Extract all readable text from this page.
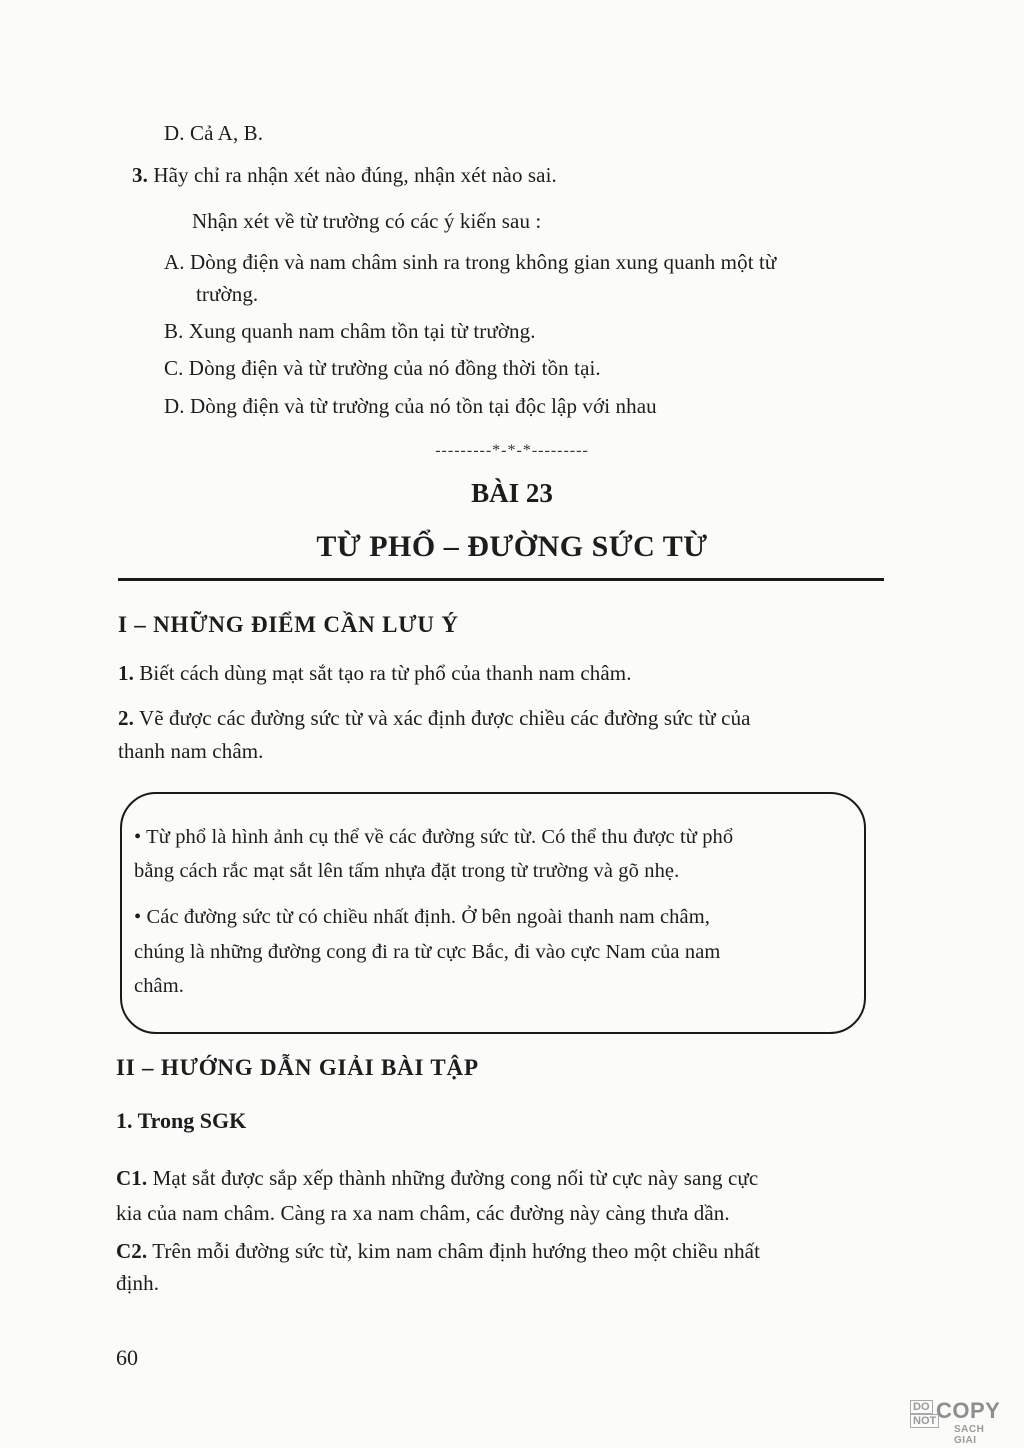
D. Cả A, B.
3. Hãy chỉ ra nhận xét nào đúng, nhận xét nào sai.
Nhận xét về từ trường có các ý kiến sau :
A. Dòng điện và nam châm sinh ra trong không gian xung quanh một từ
trường.
B. Xung quanh nam châm tồn tại từ trường.
C. Dòng điện và từ trường của nó đồng thời tồn tại.
D. Dòng điện và từ trường của nó tồn tại độc lập với nhau
---------*-*-*---------
BÀI 23
TỪ PHỔ – ĐƯỜNG SỨC TỪ
I – NHỮNG ĐIỂM CẦN LƯU Ý
1. Biết cách dùng mạt sắt tạo ra từ phổ của thanh nam châm.
2. Vẽ được các đường sức từ và xác định được chiều các đường sức từ của
thanh nam châm.
• Từ phổ là hình ảnh cụ thể về các đường sức từ. Có thể thu được từ phổ
bằng cách rắc mạt sắt lên tấm nhựa đặt trong từ trường và gõ nhẹ.
• Các đường sức từ có chiều nhất định. Ở bên ngoài thanh nam châm,
chúng là những đường cong đi ra từ cực Bắc, đi vào cực Nam của nam
châm.
II – HƯỚNG DẪN GIẢI BÀI TẬP
1. Trong SGK
C1. Mạt sắt được sắp xếp thành những đường cong nối từ cực này sang cực
kia của nam châm. Càng ra xa nam châm, các đường này càng thưa dần.
C2. Trên mỗi đường sức từ, kim nam châm định hướng theo một chiều nhất
định.
60
DO
NOT COPY
SACH GIAI
